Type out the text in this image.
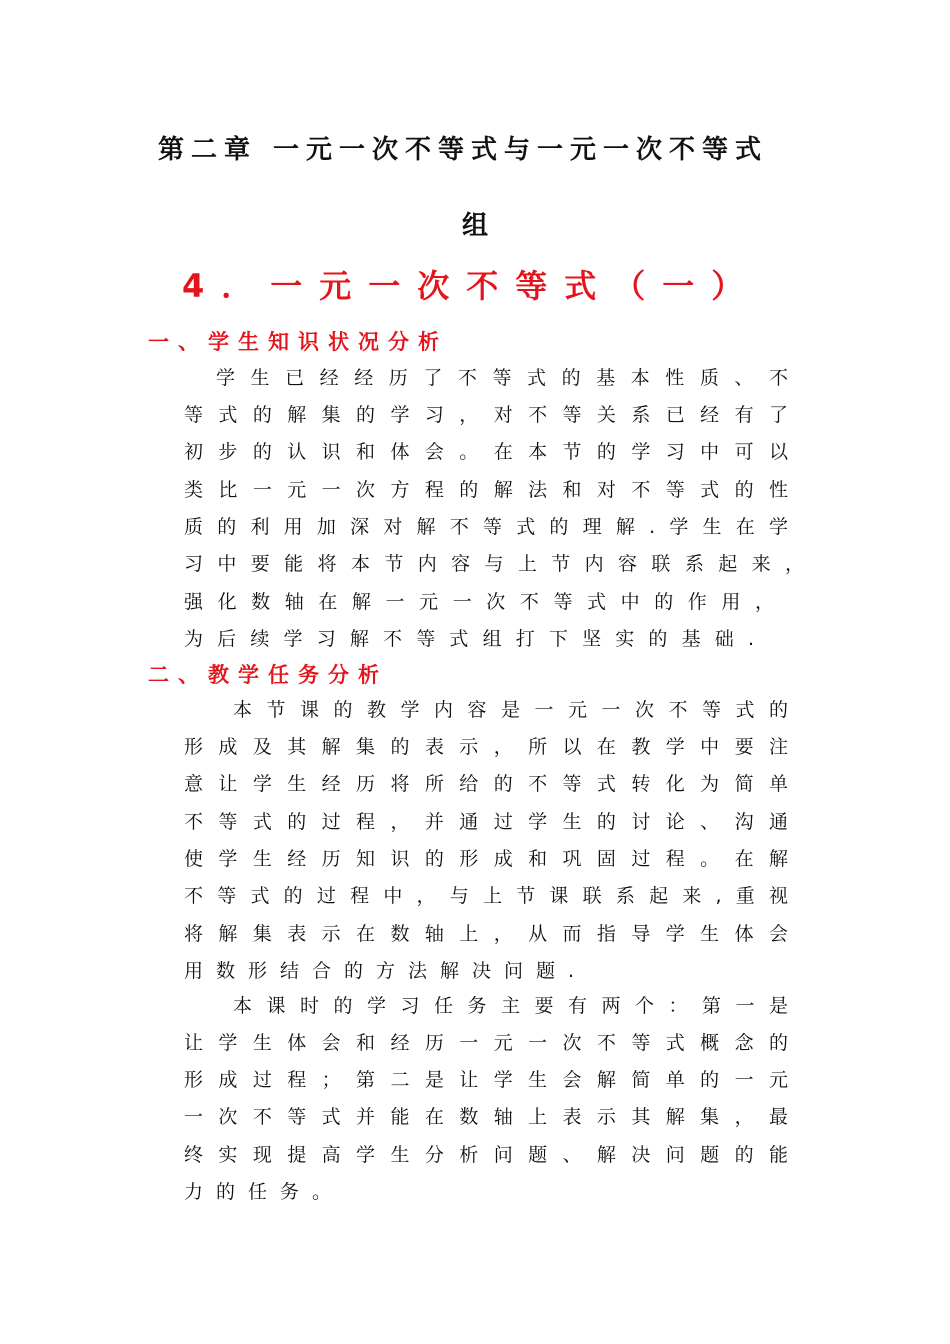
第二章 一元一次不等式与一元一次不等式
组
4．一元一次不等式（一）
一、学生知识状况分析
学生已经经历了不等式的基本性质、不
等式的解集的学习，对不等关系已经有了
初步的认识和体会。在本节的学习中可以
类比一元一次方程的解法和对不等式的性
质的利用加深对解不等式的理解.学生在学
习中要能将本节内容与上节内容联系起来，
强化数轴在解一元一次不等式中的作用，
为后续学习解不等式组打下坚实的基础.
二、教学任务分析
本节课的教学内容是一元一次不等式的
形成及其解集的表示，所以在教学中要注
意让学生经历将所给的不等式转化为简单
不等式的过程，并通过学生的讨论、沟通
使学生经历知识的形成和巩固过程。在解
不等式的过程中，与上节课联系起来,重视
将解集表示在数轴上，从而指导学生体会
用数形结合的方法解决问题.
本课时的学习任务主要有两个：第一是
让学生体会和经历一元一次不等式概念的
形成过程；第二是让学生会解简单的一元
一次不等式并能在数轴上表示其解集，最
终实现提高学生分析问题、解决问题的能
力的任务。
